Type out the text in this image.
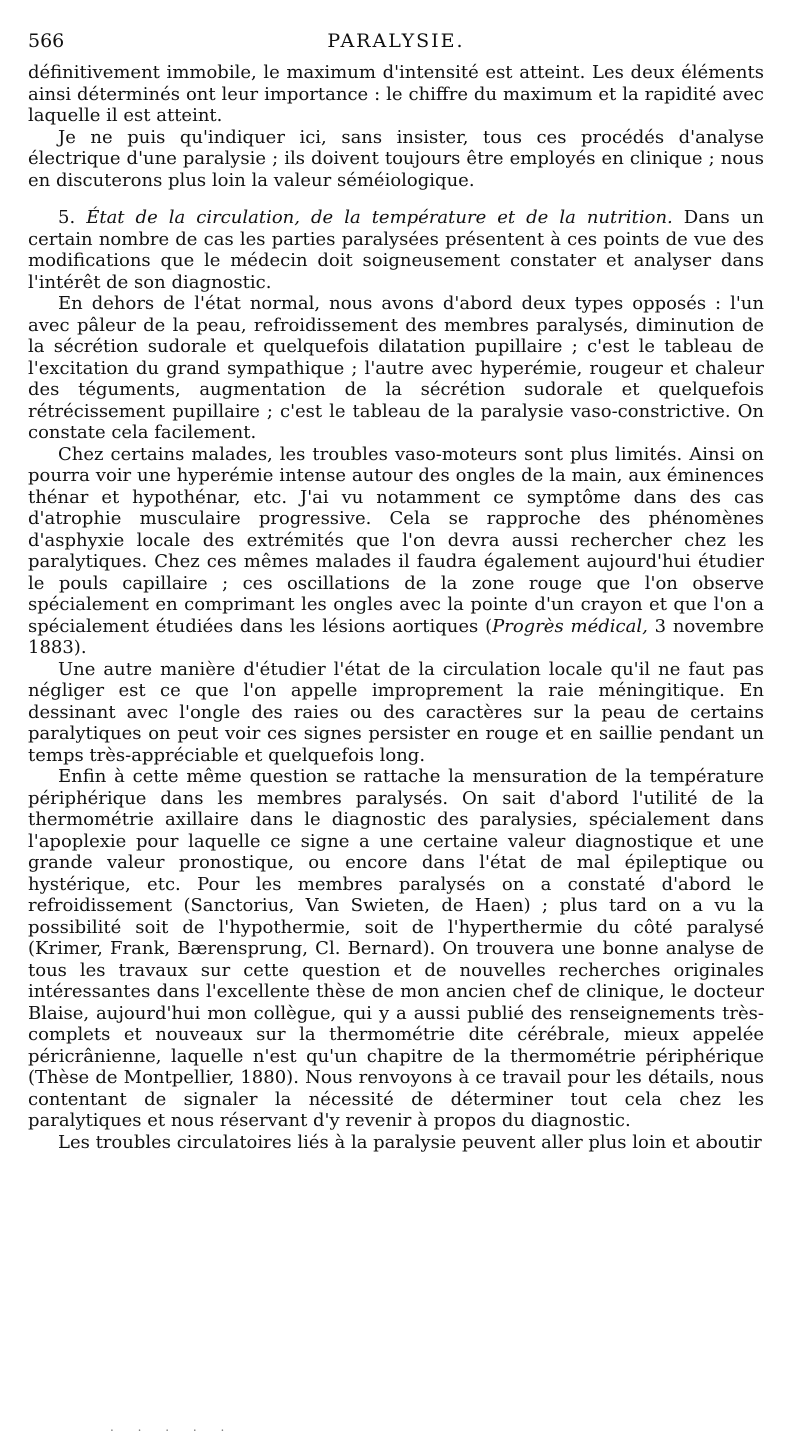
566	PARALYSIE.

définitivement immobile, le maximum d'intensité est atteint. Les deux éléments ainsi déterminés ont leur importance : le chiffre du maximum et la rapidité avec laquelle il est atteint.

Je ne puis qu'indiquer ici, sans insister, tous ces procédés d'analyse électrique d'une paralysie ; ils doivent toujours être employés en clinique ; nous en discuterons plus loin la valeur séméiologique.

5. État de la circulation, de la température et de la nutrition. Dans un certain nombre de cas les parties paralysées présentent à ces points de vue des modifications que le médecin doit soigneusement constater et analyser dans l'intérêt de son diagnostic.

En dehors de l'état normal, nous avons d'abord deux types opposés : l'un avec pâleur de la peau, refroidissement des membres paralysés, diminution de la sécrétion sudorale et quelquefois dilatation pupillaire ; c'est le tableau de l'excitation du grand sympathique ; l'autre avec hyperémie, rougeur et chaleur des téguments, augmentation de la sécrétion sudorale et quelquefois rétrécissement pupillaire ; c'est le tableau de la paralysie vaso-constrictive. On constate cela facilement.

Chez certains malades, les troubles vaso-moteurs sont plus limités. Ainsi on pourra voir une hyperémie intense autour des ongles de la main, aux éminences thénar et hypothénar, etc. J'ai vu notamment ce symptôme dans des cas d'atrophie musculaire progressive. Cela se rapproche des phénomènes d'asphyxie locale des extrémités que l'on devra aussi rechercher chez les paralytiques. Chez ces mêmes malades il faudra également aujourd'hui étudier le pouls capillaire ; ces oscillations de la zone rouge que l'on observe spécialement en comprimant les ongles avec la pointe d'un crayon et que l'on a spécialement étudiées dans les lésions aortiques (Progrès médical, 3 novembre 1883).

Une autre manière d'étudier l'état de la circulation locale qu'il ne faut pas négliger est ce que l'on appelle improprement la raie méningitique. En dessinant avec l'ongle des raies ou des caractères sur la peau de certains paralytiques on peut voir ces signes persister en rouge et en saillie pendant un temps très-appréciable et quelquefois long.

Enfin à cette même question se rattache la mensuration de la température périphérique dans les membres paralysés. On sait d'abord l'utilité de la thermométrie axillaire dans le diagnostic des paralysies, spécialement dans l'apoplexie pour laquelle ce signe a une certaine valeur diagnostique et une grande valeur pronostique, ou encore dans l'état de mal épileptique ou hystérique, etc. Pour les membres paralysés on a constaté d'abord le refroidissement (Sanctorius, Van Swieten, de Haen) ; plus tard on a vu la possibilité soit de l'hypothermie, soit de l'hyperthermie du côté paralysé (Krimer, Frank, Bærensprung, Cl. Bernard). On trouvera une bonne analyse de tous les travaux sur cette question et de nouvelles recherches originales intéressantes dans l'excellente thèse de mon ancien chef de clinique, le docteur Blaise, aujourd'hui mon collègue, qui y a aussi publié des renseignements très-complets et nouveaux sur la thermométrie dite cérébrale, mieux appelée péricrânienne, laquelle n'est qu'un chapitre de la thermométrie périphérique (Thèse de Montpellier, 1880). Nous renvoyons à ce travail pour les détails, nous contentant de signaler la nécessité de déterminer tout cela chez les paralytiques et nous réservant d'y revenir à propos du diagnostic.

Les troubles circulatoires liés à la paralysie peuvent aller plus loin et aboutir

. . . . .
